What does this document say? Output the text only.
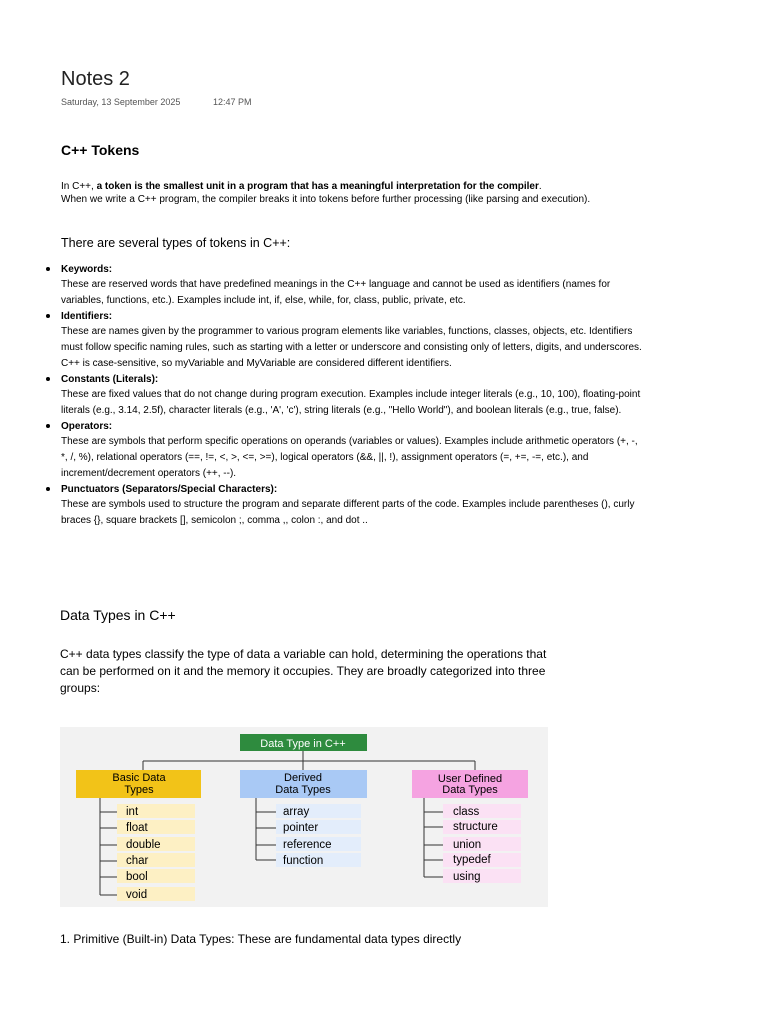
Notes 2
Saturday, 13 September 2025	12:47 PM
C++ Tokens
In C++, a token is the smallest unit in a program that has a meaningful interpretation for the compiler.
When we write a C++ program, the compiler breaks it into tokens before further processing (like parsing and execution).
There are several types of tokens in C++:
Keywords:
These are reserved words that have predefined meanings in the C++ language and cannot be used as identifiers (names for variables, functions, etc.). Examples include int, if, else, while, for, class, public, private, etc.
Identifiers:
These are names given by the programmer to various program elements like variables, functions, classes, objects, etc. Identifiers must follow specific naming rules, such as starting with a letter or underscore and consisting only of letters, digits, and underscores. C++ is case-sensitive, so myVariable and MyVariable are considered different identifiers.
Constants (Literals):
These are fixed values that do not change during program execution. Examples include integer literals (e.g., 10, 100), floating-point literals (e.g., 3.14, 2.5f), character literals (e.g., 'A', 'c'), string literals (e.g., "Hello World"), and boolean literals (e.g., true, false).
Operators:
These are symbols that perform specific operations on operands (variables or values). Examples include arithmetic operators (+, -, *, /, %), relational operators (==, !=, <, >, <=, >=), logical operators (&&, ||, !), assignment operators (=, +=, -=, etc.), and increment/decrement operators (++, --).
Punctuators (Separators/Special Characters):
These are symbols used to structure the program and separate different parts of the code. Examples include parentheses (), curly braces {}, square brackets [], semicolon ;, comma ,, colon :, and dot ..
Data Types in C++
C++ data types classify the type of data a variable can hold, determining the operations that can be performed on it and the memory it occupies. They are broadly categorized into three groups:
Data Type in C++
Basic Data
Types
int
float
double
char
bool
void
Derived
Data Types
array
pointer
reference
function
User Defined
Data Types
class
structure
union
typedef
using
1. Primitive (Built-in) Data Types: These are fundamental data types directly
